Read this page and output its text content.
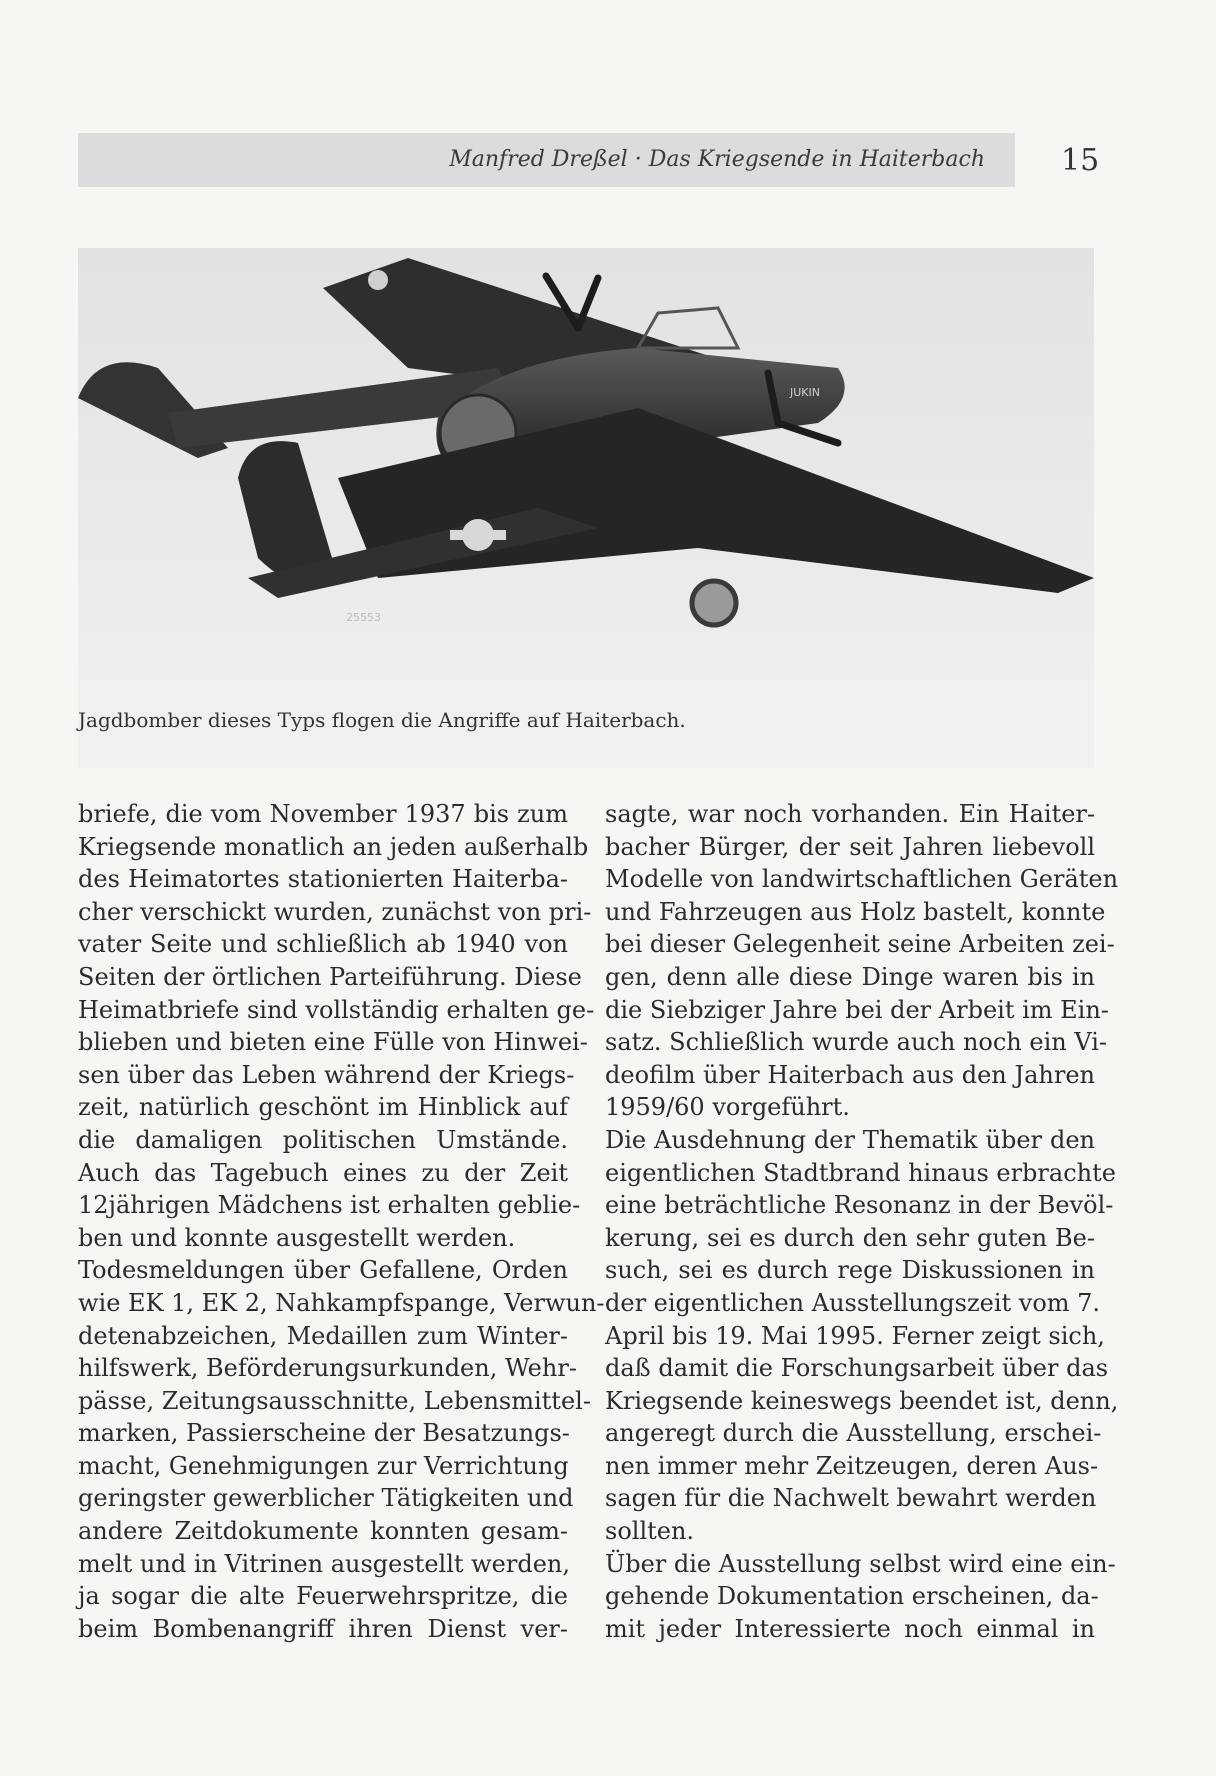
Manfred Dreßel · Das Kriegsende in Haiterbach	15
JUKIN
25553
Jagdbomber dieses Typs flogen die Angriffe auf Haiterbach.
briefe, die vom November 1937 bis zum
Kriegsende monatlich an jeden außerhalb
des Heimatortes stationierten Haiterba-
cher verschickt wurden, zunächst von pri-
vater Seite und schließlich ab 1940 von
Seiten der örtlichen Parteiführung. Diese
Heimatbriefe sind vollständig erhalten ge-
blieben und bieten eine Fülle von Hinwei-
sen über das Leben während der Kriegs-
zeit, natürlich geschönt im Hinblick auf
die damaligen politischen Umstände.
Auch das Tagebuch eines zu der Zeit
12jährigen Mädchens ist erhalten geblie-
ben und konnte ausgestellt werden.
Todesmeldungen über Gefallene, Orden
wie EK 1, EK 2, Nahkampfspange, Verwun-
detenabzeichen, Medaillen zum Winter-
hilfswerk, Beförderungsurkunden, Wehr-
pässe, Zeitungsausschnitte, Lebensmittel-
marken, Passierscheine der Besatzungs-
macht, Genehmigungen zur Verrichtung
geringster gewerblicher Tätigkeiten und
andere Zeitdokumente konnten gesam-
melt und in Vitrinen ausgestellt werden,
ja sogar die alte Feuerwehrspritze, die
beim Bombenangriff ihren Dienst ver-
sagte, war noch vorhanden. Ein Haiter-
bacher Bürger, der seit Jahren liebevoll
Modelle von landwirtschaftlichen Geräten
und Fahrzeugen aus Holz bastelt, konnte
bei dieser Gelegenheit seine Arbeiten zei-
gen, denn alle diese Dinge waren bis in
die Siebziger Jahre bei der Arbeit im Ein-
satz. Schließlich wurde auch noch ein Vi-
deofilm über Haiterbach aus den Jahren
1959/60 vorgeführt.
Die Ausdehnung der Thematik über den
eigentlichen Stadtbrand hinaus erbrachte
eine beträchtliche Resonanz in der Bevöl-
kerung, sei es durch den sehr guten Be-
such, sei es durch rege Diskussionen in
der eigentlichen Ausstellungszeit vom 7.
April bis 19. Mai 1995. Ferner zeigt sich,
daß damit die Forschungsarbeit über das
Kriegsende keineswegs beendet ist, denn,
angeregt durch die Ausstellung, erschei-
nen immer mehr Zeitzeugen, deren Aus-
sagen für die Nachwelt bewahrt werden
sollten.
Über die Ausstellung selbst wird eine ein-
gehende Dokumentation erscheinen, da-
mit jeder Interessierte noch einmal in
